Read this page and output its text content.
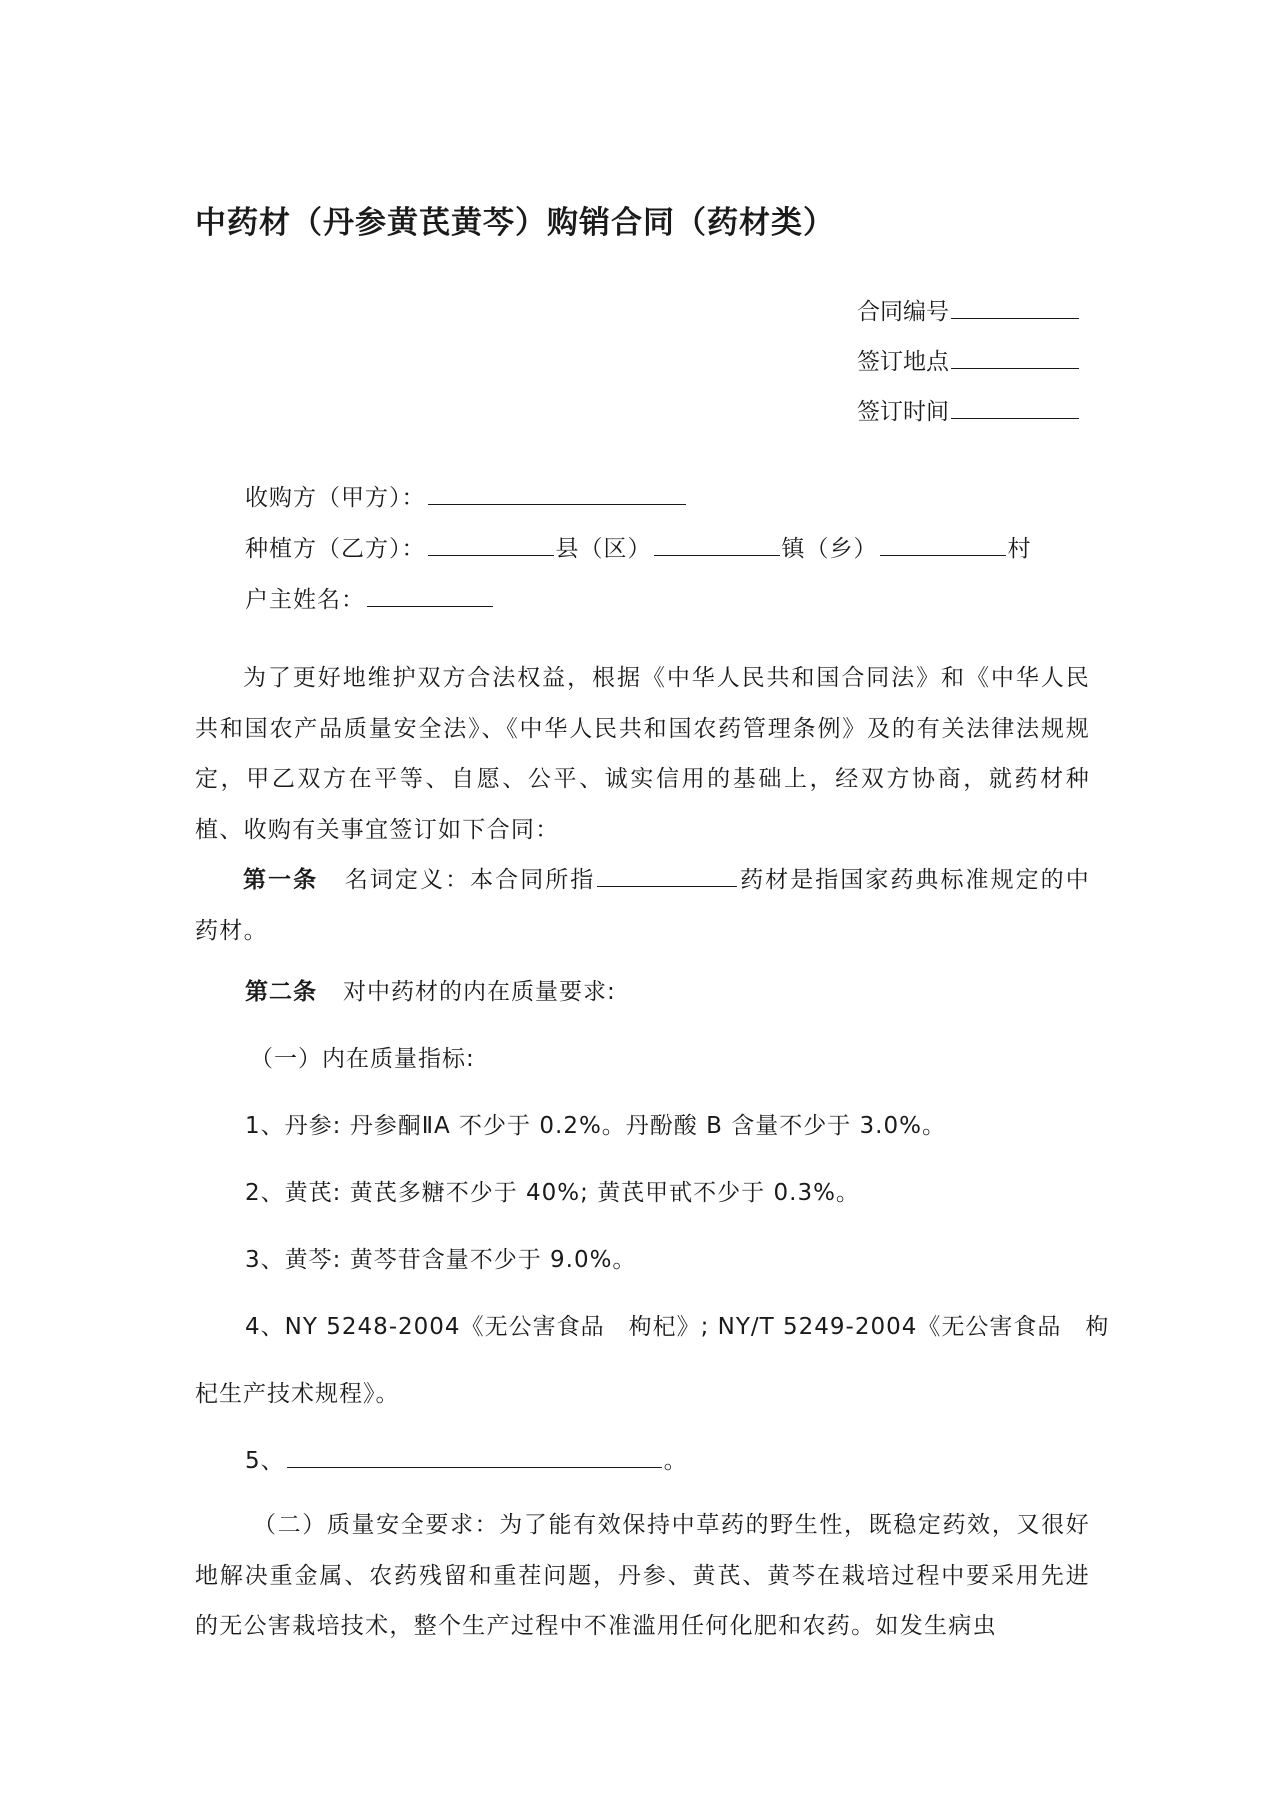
中药材（丹参黄芪黄芩）购销合同（药材类）
合同编号
签订地点
签订时间
收购方（甲方）：
种植方（乙方）：	县（区）	镇（乡）	村
户主姓名：
为了更好地维护双方合法权益，根据《中华人民共和国合同法》和《中华人民共和国农产品质量安全法》、《中华人民共和国农药管理条例》及的有关法律法规规定，甲乙双方在平等、自愿、公平、诚实信用的基础上，经双方协商，就药材种植、收购有关事宜签订如下合同：
第一条 名词定义：本合同所指	药材是指国家药典标准规定的中药材。
第二条 对中药材的内在质量要求:
（一）内在质量指标:
1、丹参: 丹参酮ⅡA 不少于 0.2%。丹酚酸 B 含量不少于 3.0%。
2、黄芪: 黄芪多糖不少于 40%; 黄芪甲甙不少于 0.3%。
3、黄芩: 黄芩苷含量不少于 9.0%。
4、NY 5248-2004《无公害食品　枸杞》; NY/T 5249-2004《无公害食品　枸
杞生产技术规程》。
5、	。
（二）质量安全要求：为了能有效保持中草药的野生性，既稳定药效，又很好地解决重金属、农药残留和重茬问题，丹参、黄芪、黄芩在栽培过程中要采用先进的无公害栽培技术，整个生产过程中不准滥用任何化肥和农药。如发生病虫
